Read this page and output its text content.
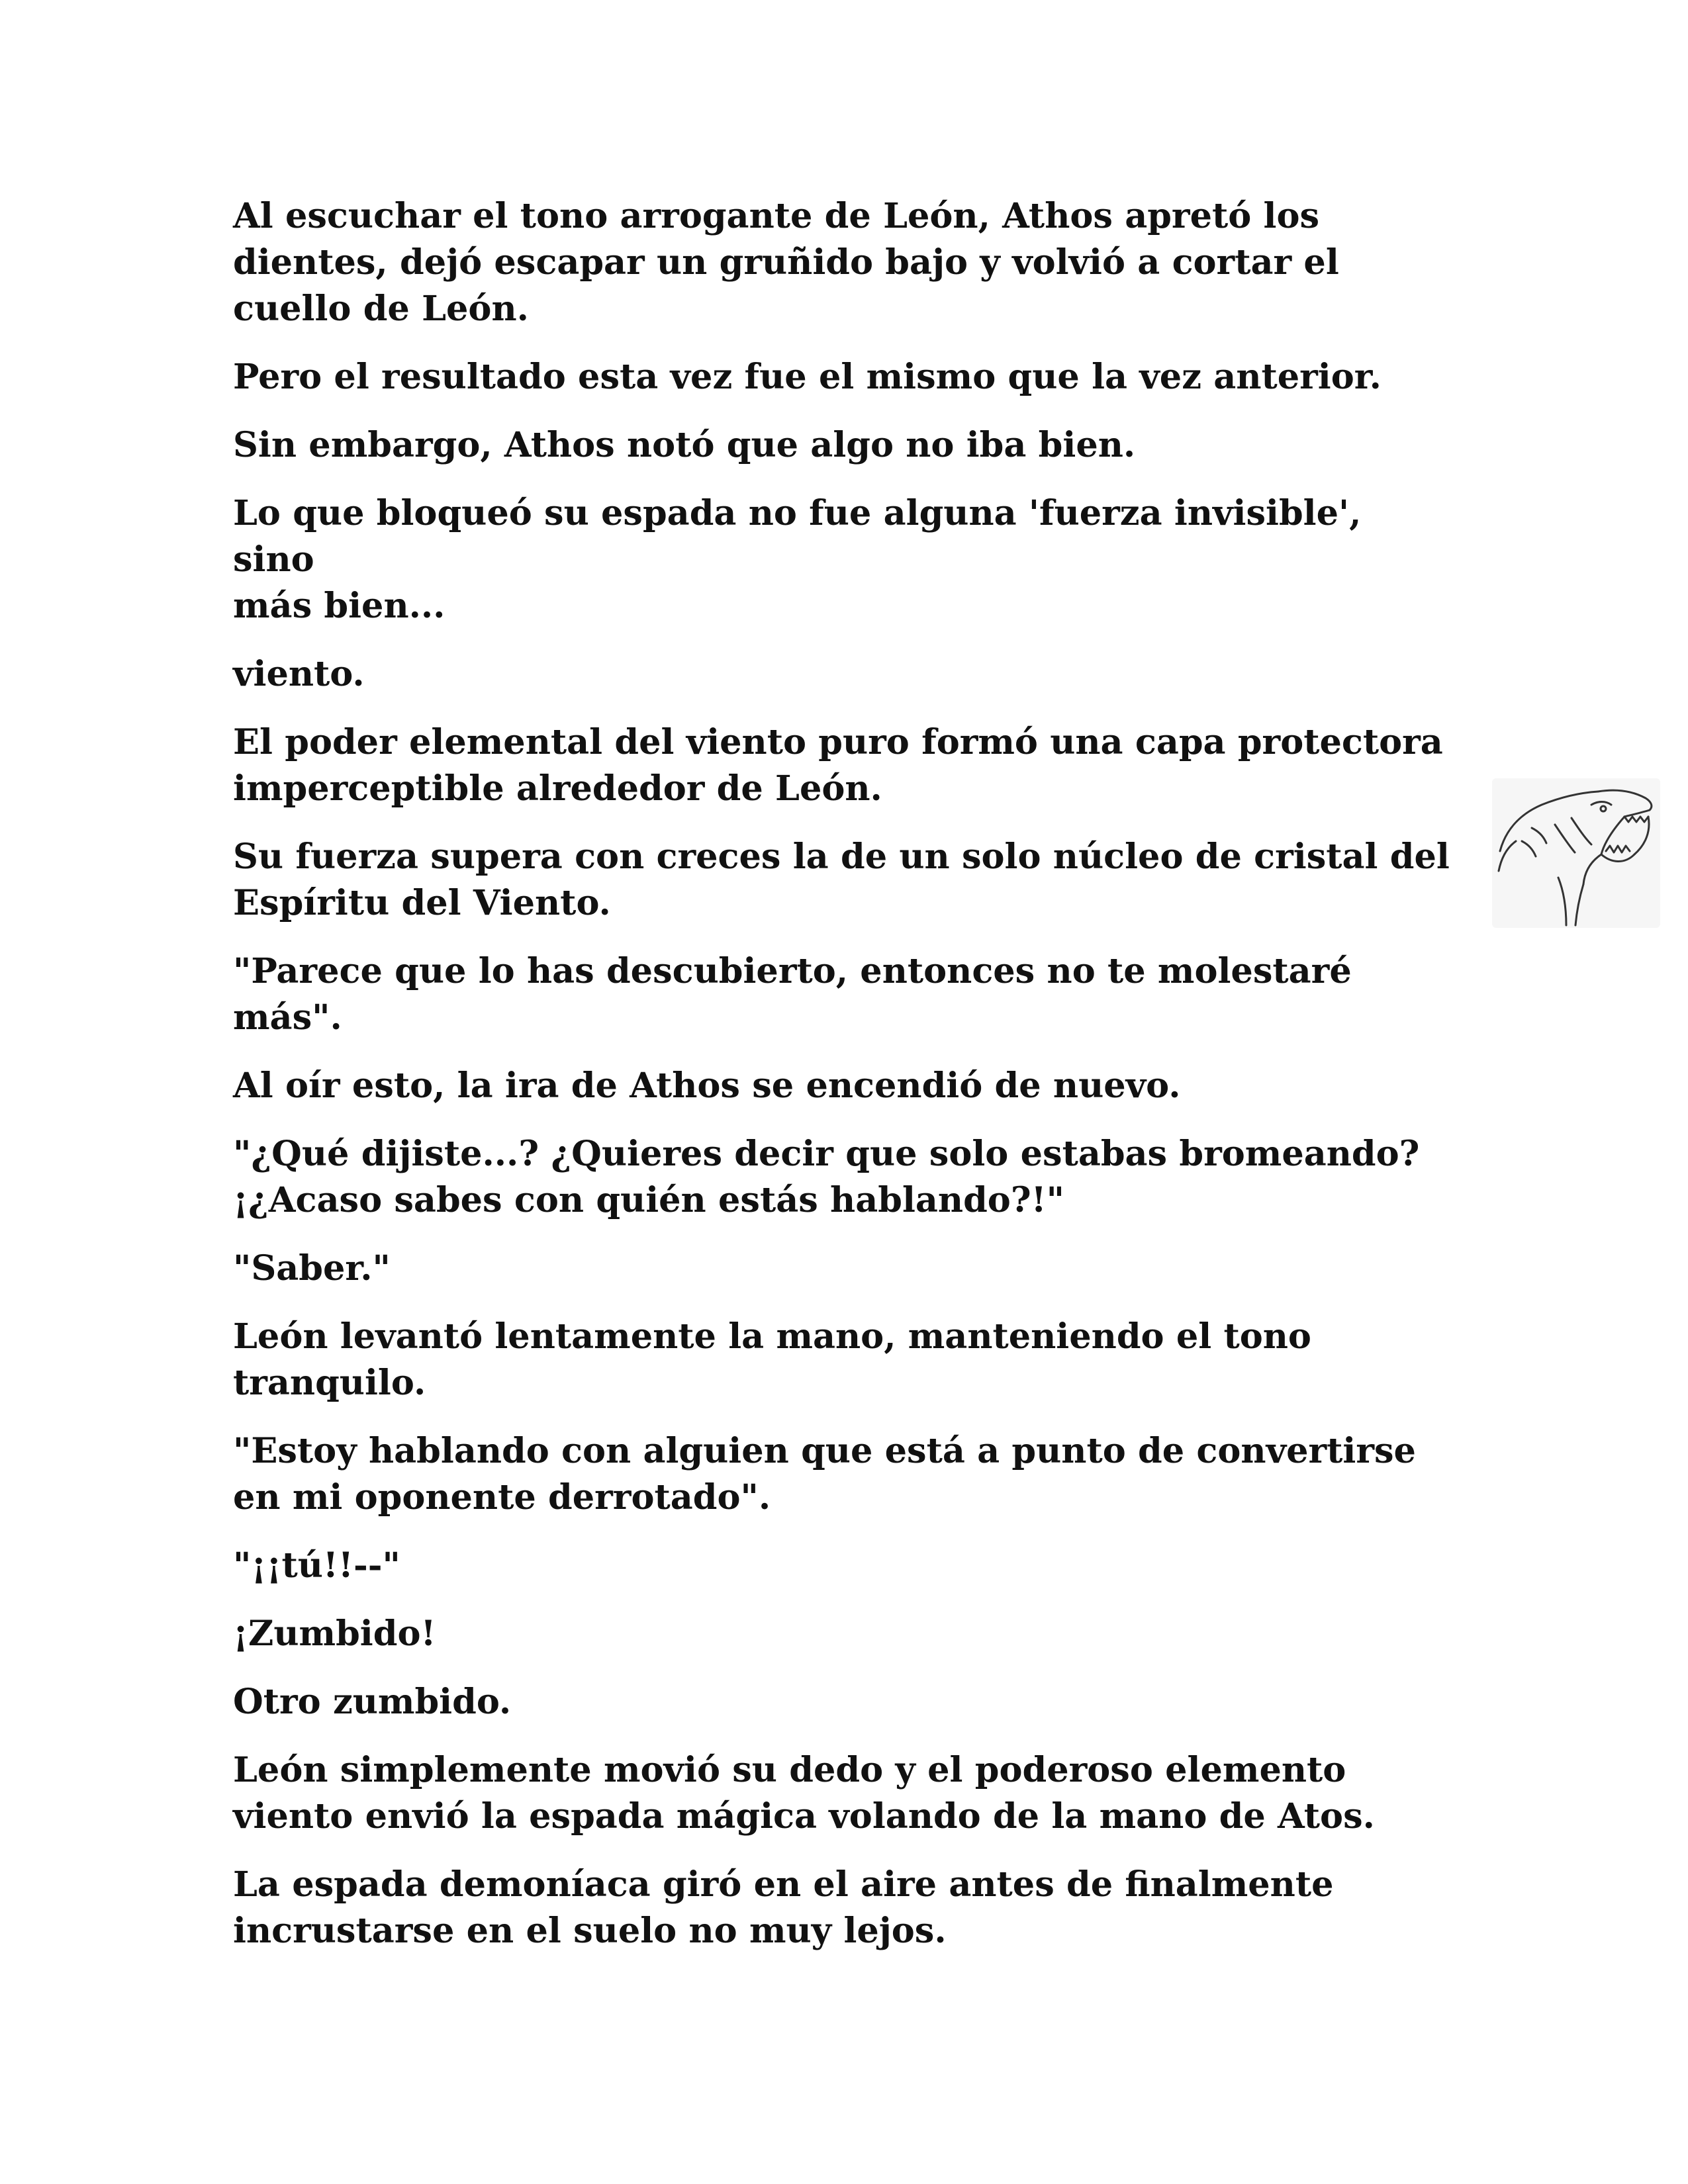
Al escuchar el tono arrogante de León, Athos apretó los
dientes, dejó escapar un gruñido bajo y volvió a cortar el
cuello de León.

Pero el resultado esta vez fue el mismo que la vez anterior.

Sin embargo, Athos notó que algo no iba bien.

Lo que bloqueó su espada no fue alguna 'fuerza invisible', sino
más bien...

viento.

El poder elemental del viento puro formó una capa protectora
imperceptible alrededor de León.

Su fuerza supera con creces la de un solo núcleo de cristal del
Espíritu del Viento.

"Parece que lo has descubierto, entonces no te molestaré más".

Al oír esto, la ira de Athos se encendió de nuevo.

"¿Qué dijiste...? ¿Quieres decir que solo estabas bromeando?
¡¿Acaso sabes con quién estás hablando?!"

"Saber."

León levantó lentamente la mano, manteniendo el tono
tranquilo.

"Estoy hablando con alguien que está a punto de convertirse
en mi oponente derrotado".

"¡¡tú!!--"

¡Zumbido!

Otro zumbido.

León simplemente movió su dedo y el poderoso elemento
viento envió la espada mágica volando de la mano de Atos.

La espada demoníaca giró en el aire antes de finalmente
incrustarse en el suelo no muy lejos.
